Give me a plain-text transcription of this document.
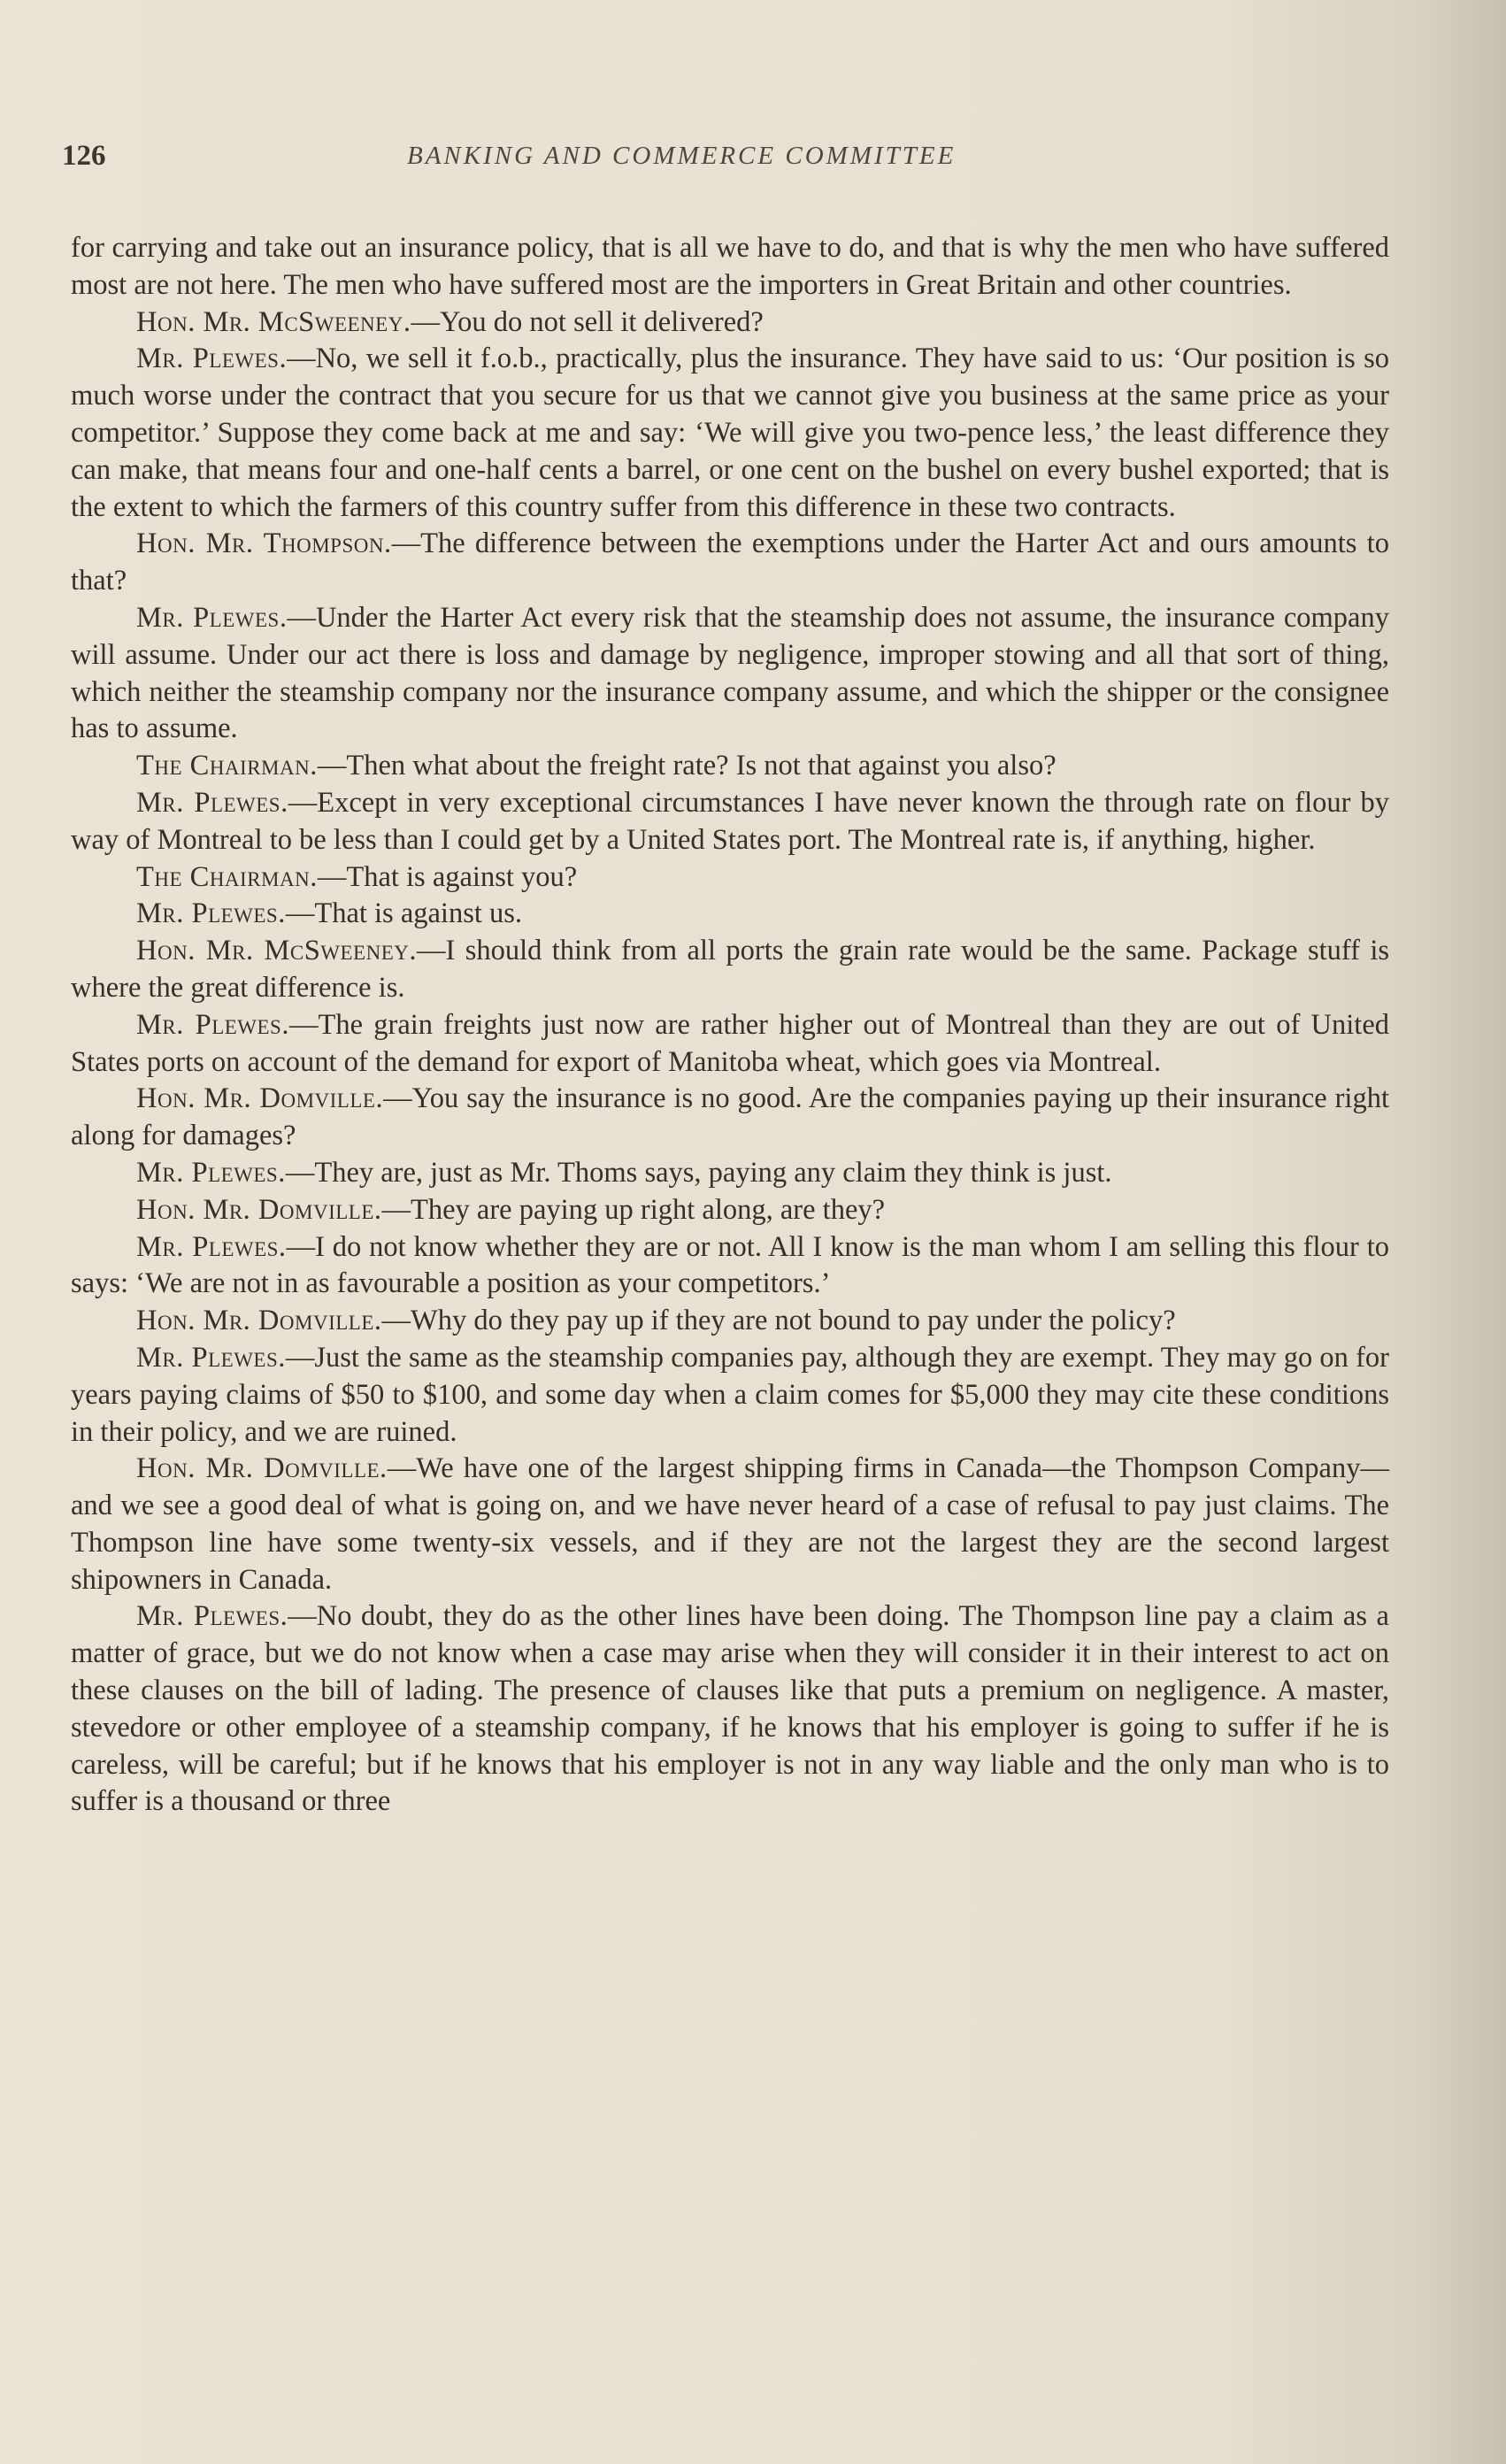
126	BANKING AND COMMERCE COMMITTEE

for carrying and take out an insurance policy, that is all we have to do, and that is why the men who have suffered most are not here. The men who have suffered most are the importers in Great Britain and other countries.

Hon. Mr. McSweeney.—You do not sell it delivered?

Mr. Plewes.—No, we sell it f.o.b., practically, plus the insurance. They have said to us: ‘Our position is so much worse under the contract that you secure for us that we cannot give you business at the same price as your competitor.’ Suppose they come back at me and say: ‘We will give you two-pence less,’ the least difference they can make, that means four and one-half cents a barrel, or one cent on the bushel on every bushel exported; that is the extent to which the farmers of this country suffer from this difference in these two contracts.

Hon. Mr. Thompson.—The difference between the exemptions under the Harter Act and ours amounts to that?

Mr. Plewes.—Under the Harter Act every risk that the steamship does not assume, the insurance company will assume. Under our act there is loss and damage by negligence, improper stowing and all that sort of thing, which neither the steamship company nor the insurance company assume, and which the shipper or the consignee has to assume.

The Chairman.—Then what about the freight rate? Is not that against you also?

Mr. Plewes.—Except in very exceptional circumstances I have never known the through rate on flour by way of Montreal to be less than I could get by a United States port. The Montreal rate is, if anything, higher.

The Chairman.—That is against you?

Mr. Plewes.—That is against us.

Hon. Mr. McSweeney.—I should think from all ports the grain rate would be the same. Package stuff is where the great difference is.

Mr. Plewes.—The grain freights just now are rather higher out of Montreal than they are out of United States ports on account of the demand for export of Manitoba wheat, which goes via Montreal.

Hon. Mr. Domville.—You say the insurance is no good. Are the companies paying up their insurance right along for damages?

Mr. Plewes.—They are, just as Mr. Thoms says, paying any claim they think is just.

Hon. Mr. Domville.—They are paying up right along, are they?

Mr. Plewes.—I do not know whether they are or not. All I know is the man whom I am selling this flour to says: ‘We are not in as favourable a position as your competitors.’

Hon. Mr. Domville.—Why do they pay up if they are not bound to pay under the policy?

Mr. Plewes.—Just the same as the steamship companies pay, although they are exempt. They may go on for years paying claims of $50 to $100, and some day when a claim comes for $5,000 they may cite these conditions in their policy, and we are ruined.

Hon. Mr. Domville.—We have one of the largest shipping firms in Canada—the Thompson Company—and we see a good deal of what is going on, and we have never heard of a case of refusal to pay just claims. The Thompson line have some twenty-six vessels, and if they are not the largest they are the second largest shipowners in Canada.

Mr. Plewes.—No doubt, they do as the other lines have been doing. The Thompson line pay a claim as a matter of grace, but we do not know when a case may arise when they will consider it in their interest to act on these clauses on the bill of lading. The presence of clauses like that puts a premium on negligence. A master, stevedore or other employee of a steamship company, if he knows that his employer is going to suffer if he is careless, will be careful; but if he knows that his employer is not in any way liable and the only man who is to suffer is a thousand or three
